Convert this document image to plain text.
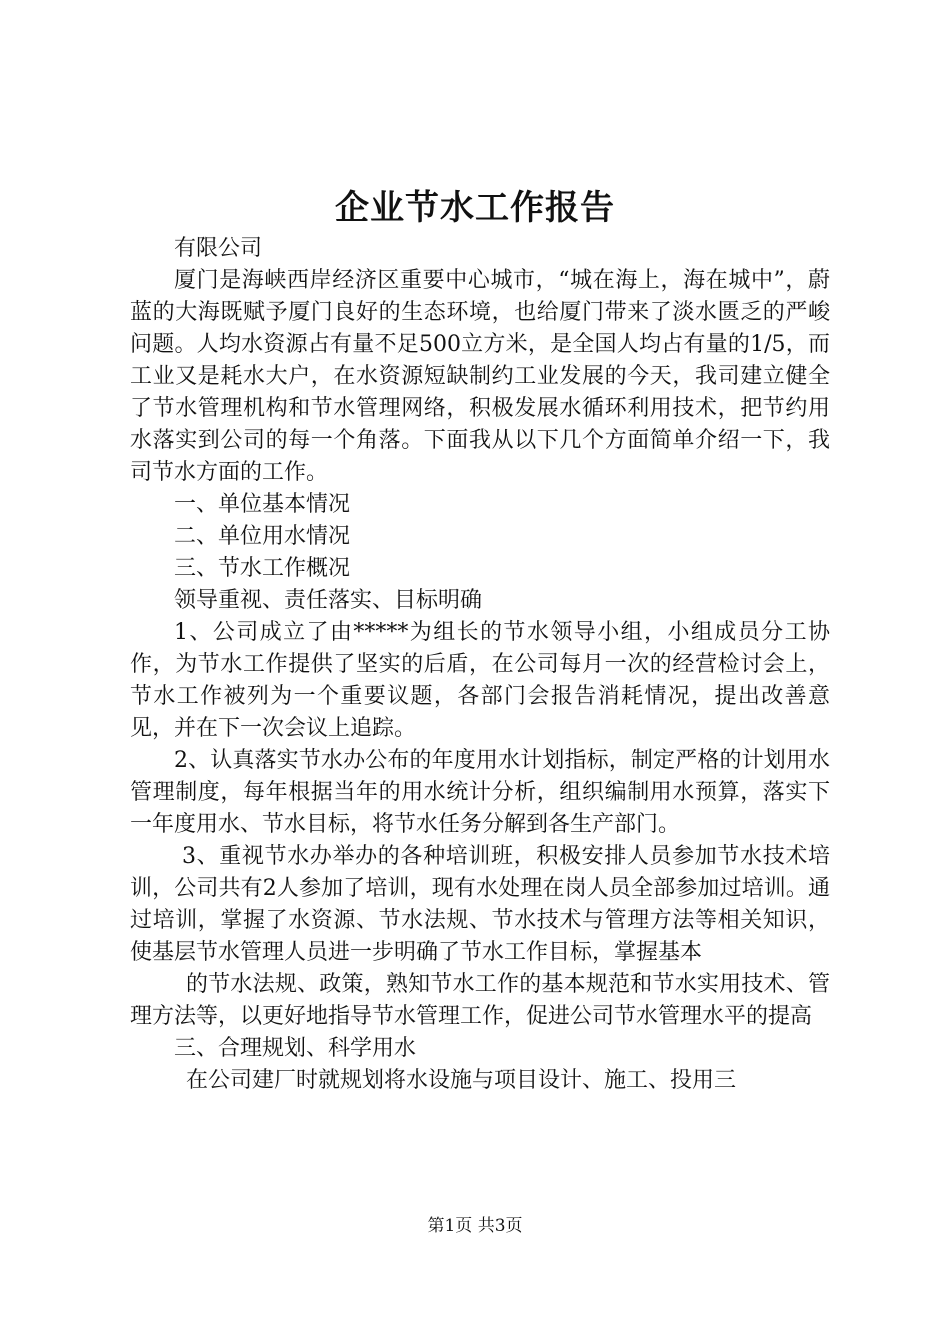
企业节水工作报告

有限公司

厦门是海峡西岸经济区重要中心城市，“城在海上，海在城中”，蔚蓝的大海既赋予厦门良好的生态环境，也给厦门带来了淡水匮乏的严峻问题。人均水资源占有量不足500立方米，是全国人均占有量的1/5，而工业又是耗水大户，在水资源短缺制约工业发展的今天，我司建立健全了节水管理机构和节水管理网络，积极发展水循环利用技术，把节约用水落实到公司的每一个角落。下面我从以下几个方面简单介绍一下，我司节水方面的工作。

一、单位基本情况

二、单位用水情况

三、节水工作概况

领导重视、责任落实、目标明确

1、公司成立了由*****为组长的节水领导小组，小组成员分工协作，为节水工作提供了坚实的后盾，在公司每月一次的经营检讨会上，节水工作被列为一个重要议题，各部门会报告消耗情况，提出改善意见，并在下一次会议上追踪。

2、认真落实节水办公布的年度用水计划指标，制定严格的计划用水管理制度，每年根据当年的用水统计分析，组织编制用水预算，落实下一年度用水、节水目标，将节水任务分解到各生产部门。

3、重视节水办举办的各种培训班，积极安排人员参加节水技术培训，公司共有2人参加了培训，现有水处理在岗人员全部参加过培训。通过培训，掌握了水资源、节水法规、节水技术与管理方法等相关知识，使基层节水管理人员进一步明确了节水工作目标，掌握基本

的节水法规、政策，熟知节水工作的基本规范和节水实用技术、管理方法等，以更好地指导节水管理工作，促进公司节水管理水平的提高

三、合理规划、科学用水

在公司建厂时就规划将水设施与项目设计、施工、投用三

第1页 共3页
